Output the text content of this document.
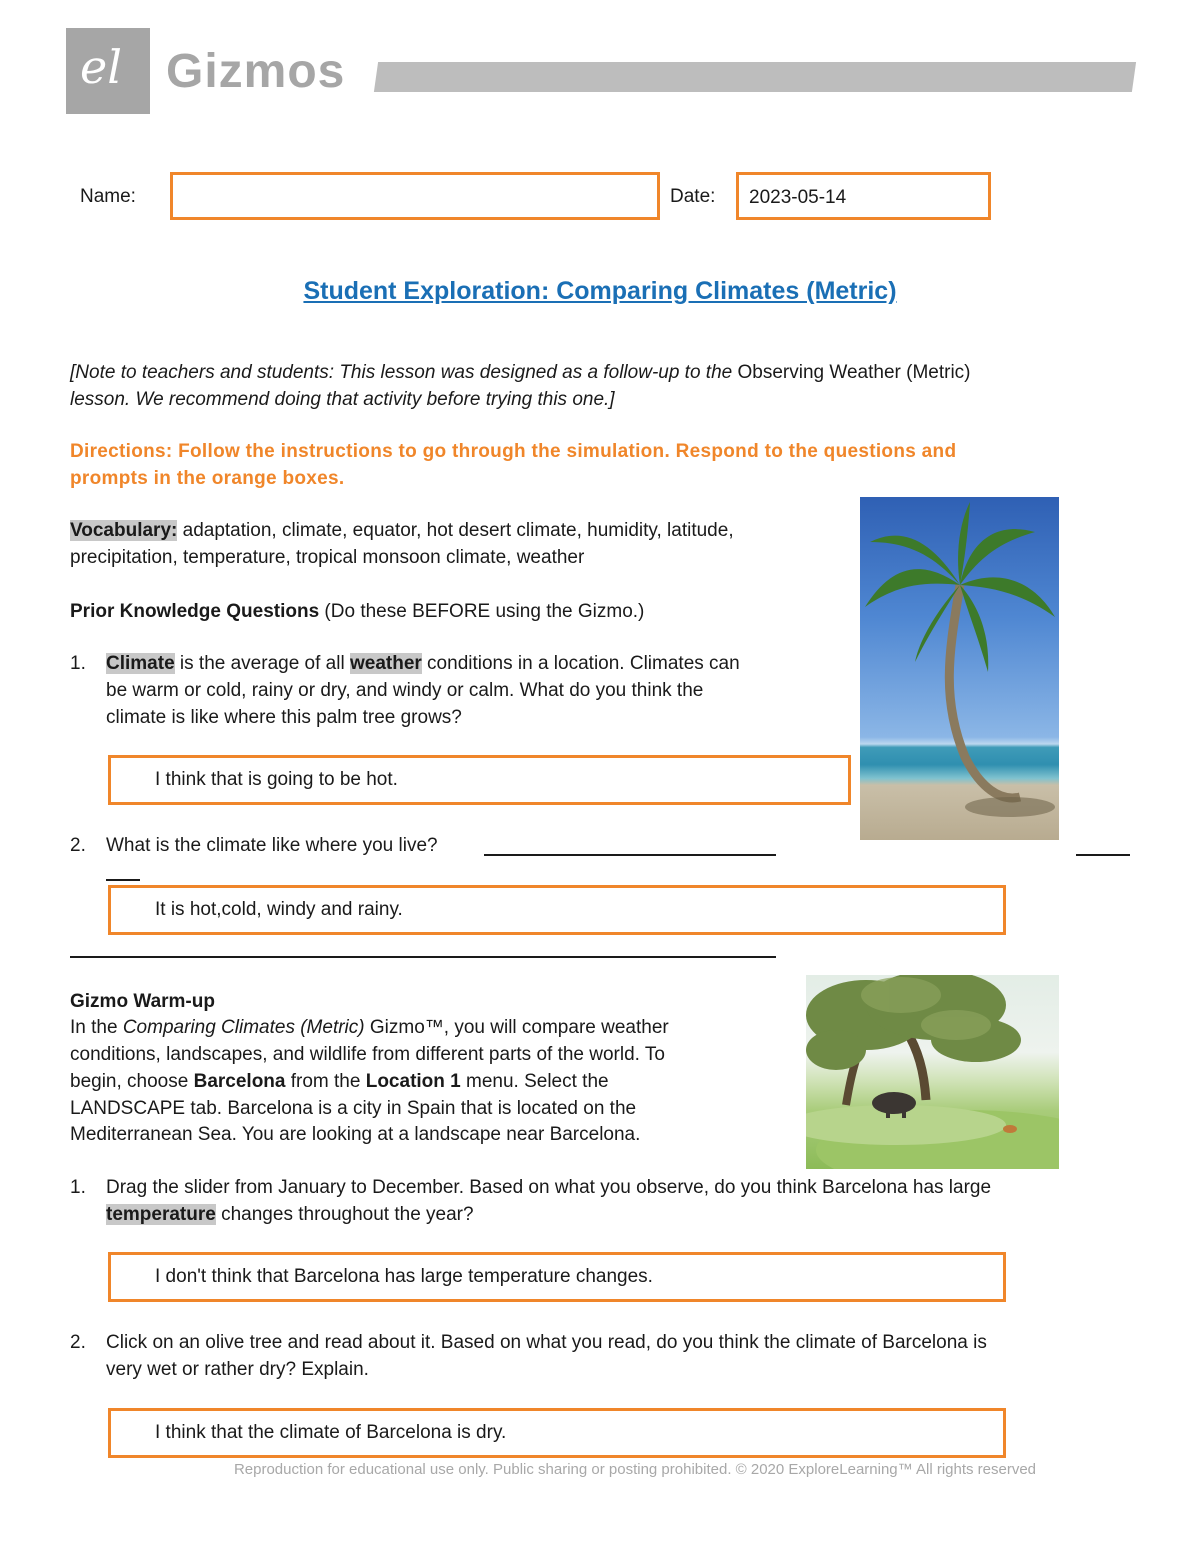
el Gizmos
Name:	Date: 2023-05-14
Student Exploration: Comparing Climates (Metric)
[Note to teachers and students: This lesson was designed as a follow-up to the Observing Weather (Metric)
lesson. We recommend doing that activity before trying this one.]
Directions: Follow the instructions to go through the simulation. Respond to the questions and
prompts in the orange boxes.
Vocabulary: adaptation, climate, equator, hot desert climate, humidity, latitude,
precipitation, temperature, tropical monsoon climate, weather
Prior Knowledge Questions (Do these BEFORE using the Gizmo.)
1. Climate is the average of all weather conditions in a location. Climates can
be warm or cold, rainy or dry, and windy or calm. What do you think the
climate is like where this palm tree grows?
I think that is going to be hot.
2. What is the climate like where you live?
It is hot,cold, windy and rainy.
Gizmo Warm-up
In the Comparing Climates (Metric) Gizmo™, you will compare weather
conditions, landscapes, and wildlife from different parts of the world. To
begin, choose Barcelona from the Location 1 menu. Select the
LANDSCAPE tab. Barcelona is a city in Spain that is located on the
Mediterranean Sea. You are looking at a landscape near Barcelona.
1. Drag the slider from January to December. Based on what you observe, do you think Barcelona has large
temperature changes throughout the year?
I don't think that Barcelona has large temperature changes.
2. Click on an olive tree and read about it. Based on what you read, do you think the climate of Barcelona is
very wet or rather dry? Explain.
I think that the climate of Barcelona is dry.
Reproduction for educational use only. Public sharing or posting prohibited. © 2020 ExploreLearning™ All rights reserved
